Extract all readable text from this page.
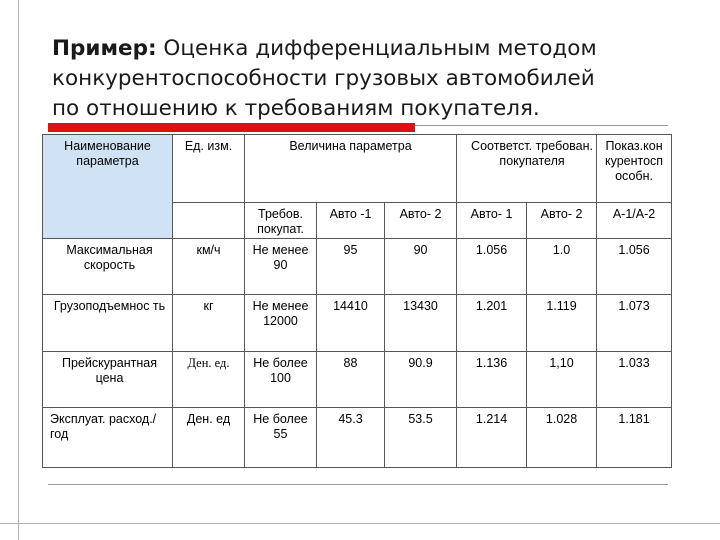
Пример: Оценка дифференциальным методом
конкурентоспособности грузовых автомобилей
по отношению к требованиям покупателя.
Наименование параметра	Ед. изм.	Величина параметра			Соответст. требован. покупателя		Показ.кон курентосп особн.
		Требов. покупат.	Авто -1	Авто- 2	Авто- 1	Авто- 2	А-1/А-2
Максимальная скорость	км/ч	Не менее 90	95	90	1.056	1.0	1.056
Грузоподъемнос ть	кг	Не менее 12000	14410	13430	1.201	1.119	1.073
Прейскурантная цена	Ден. ед.	Не более 100	88	90.9	1.136	1,10	1.033
Эксплуат. расход./ год	Ден. ед	Не более 55	45.3	53.5	1.214	1.028	1.181
